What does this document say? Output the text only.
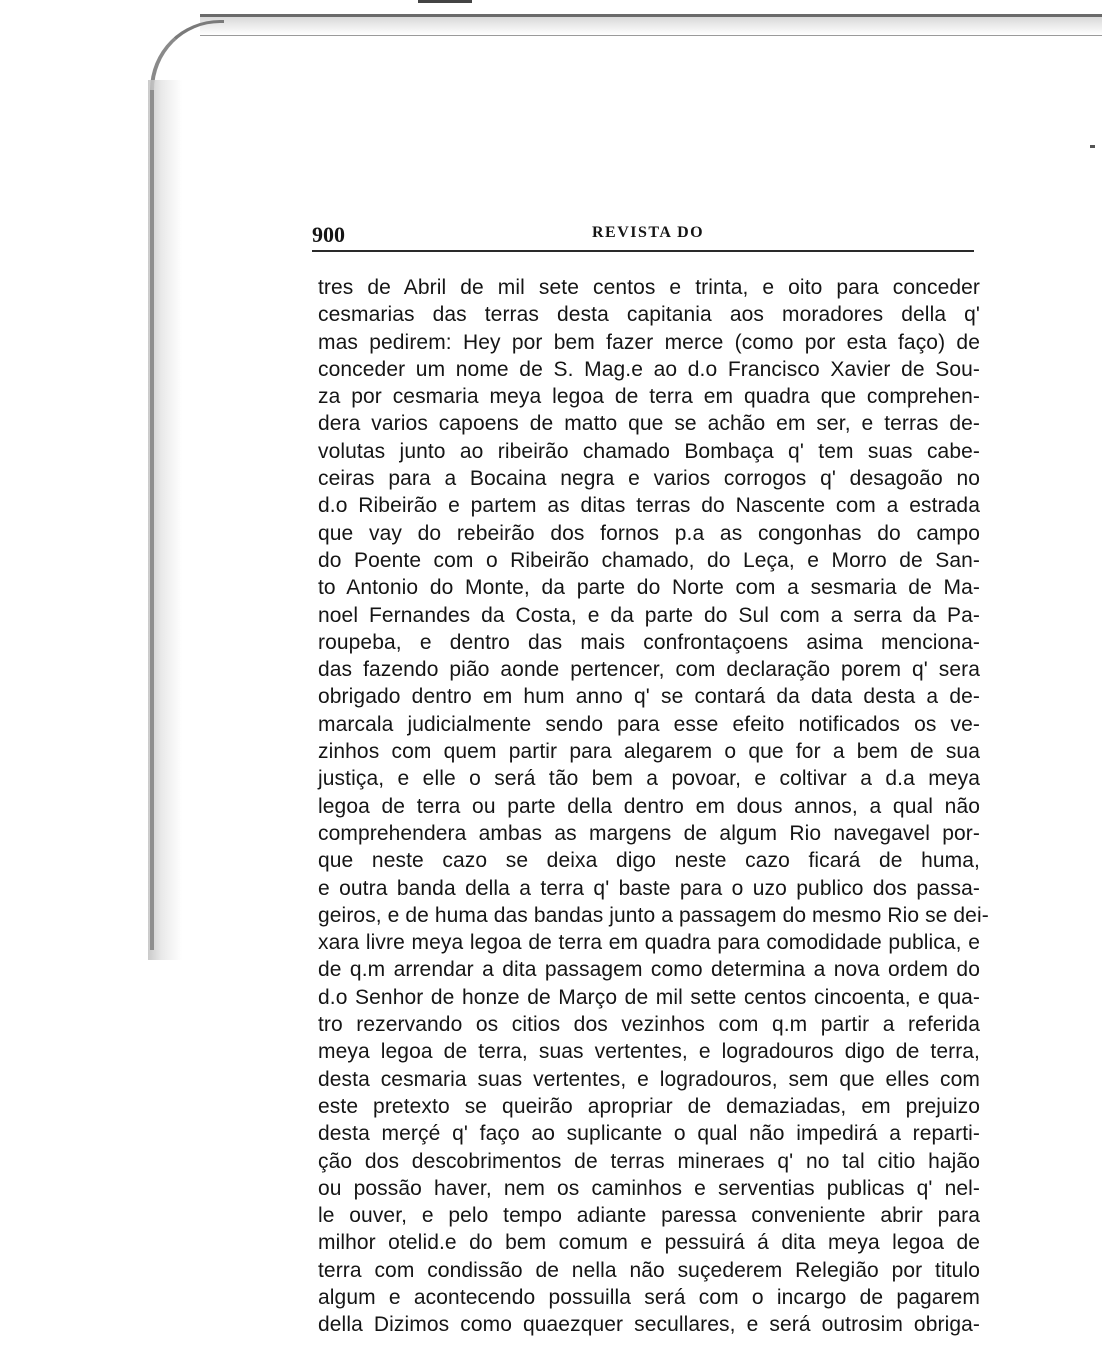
900	REVISTA DO
tres de Abril de mil sete centos e trinta, e oito para conceder
cesmarias das terras desta capitania aos moradores della q'
mas pedirem: Hey por bem fazer merce (como por esta faço) de
conceder um nome de S. Mag.e ao d.o Francisco Xavier de Sou-
za por cesmaria meya legoa de terra em quadra que comprehen-
dera varios capoens de matto que se achão em ser, e terras de-
volutas junto ao ribeirão chamado Bombaça q' tem suas cabe-
ceiras para a Bocaina negra e varios corrogos q' desagoão no
d.o Ribeirão e partem as ditas terras do Nascente com a estrada
que vay do rebeirão dos fornos p.a as congonhas do campo
do Poente com o Ribeirão chamado, do Leça, e Morro de San-
to Antonio do Monte, da parte do Norte com a sesmaria de Ma-
noel Fernandes da Costa, e da parte do Sul com a serra da Pa-
roupeba, e dentro das mais confrontaçoens asima menciona-
das fazendo pião aonde pertencer, com declaração porem q' sera
obrigado dentro em hum anno q' se contará da data desta a de-
marcala judicialmente sendo para esse efeito notificados os ve-
zinhos com quem partir para alegarem o que for a bem de sua
justiça, e elle o será tão bem a povoar, e coltivar a d.a meya
legoa de terra ou parte della dentro em dous annos, a qual não
comprehendera ambas as margens de algum Rio navegavel por-
que neste cazo se deixa digo neste cazo ficará de huma,
e outra banda della a terra q' baste para o uzo publico dos passa-
geiros, e de huma das bandas junto a passagem do mesmo Rio se dei-
xara livre meya legoa de terra em quadra para comodidade publica, e
de q.m arrendar a dita passagem como determina a nova ordem do
d.o Senhor de honze de Março de mil sette centos cincoenta, e qua-
tro rezervando os citios dos vezinhos com q.m partir a referida
meya legoa de terra, suas vertentes, e logradouros digo de terra,
desta cesmaria suas vertentes, e logradouros, sem que elles com
este pretexto se queirão apropriar de demaziadas, em prejuizo
desta merçé q' faço ao suplicante o qual não impedirá a reparti-
ção dos descobrimentos de terras mineraes q' no tal citio hajão
ou possão haver, nem os caminhos e serventias publicas q' nel-
le ouver, e pelo tempo adiante paressa conveniente abrir para
milhor otelid.e do bem comum e pessuirá á dita meya legoa de
terra com condissão de nella não suçederem Relegião por titulo
algum e acontecendo possuilla será com o incargo de pagarem
della Dizimos como quaezquer secullares, e será outrosim obriga-
